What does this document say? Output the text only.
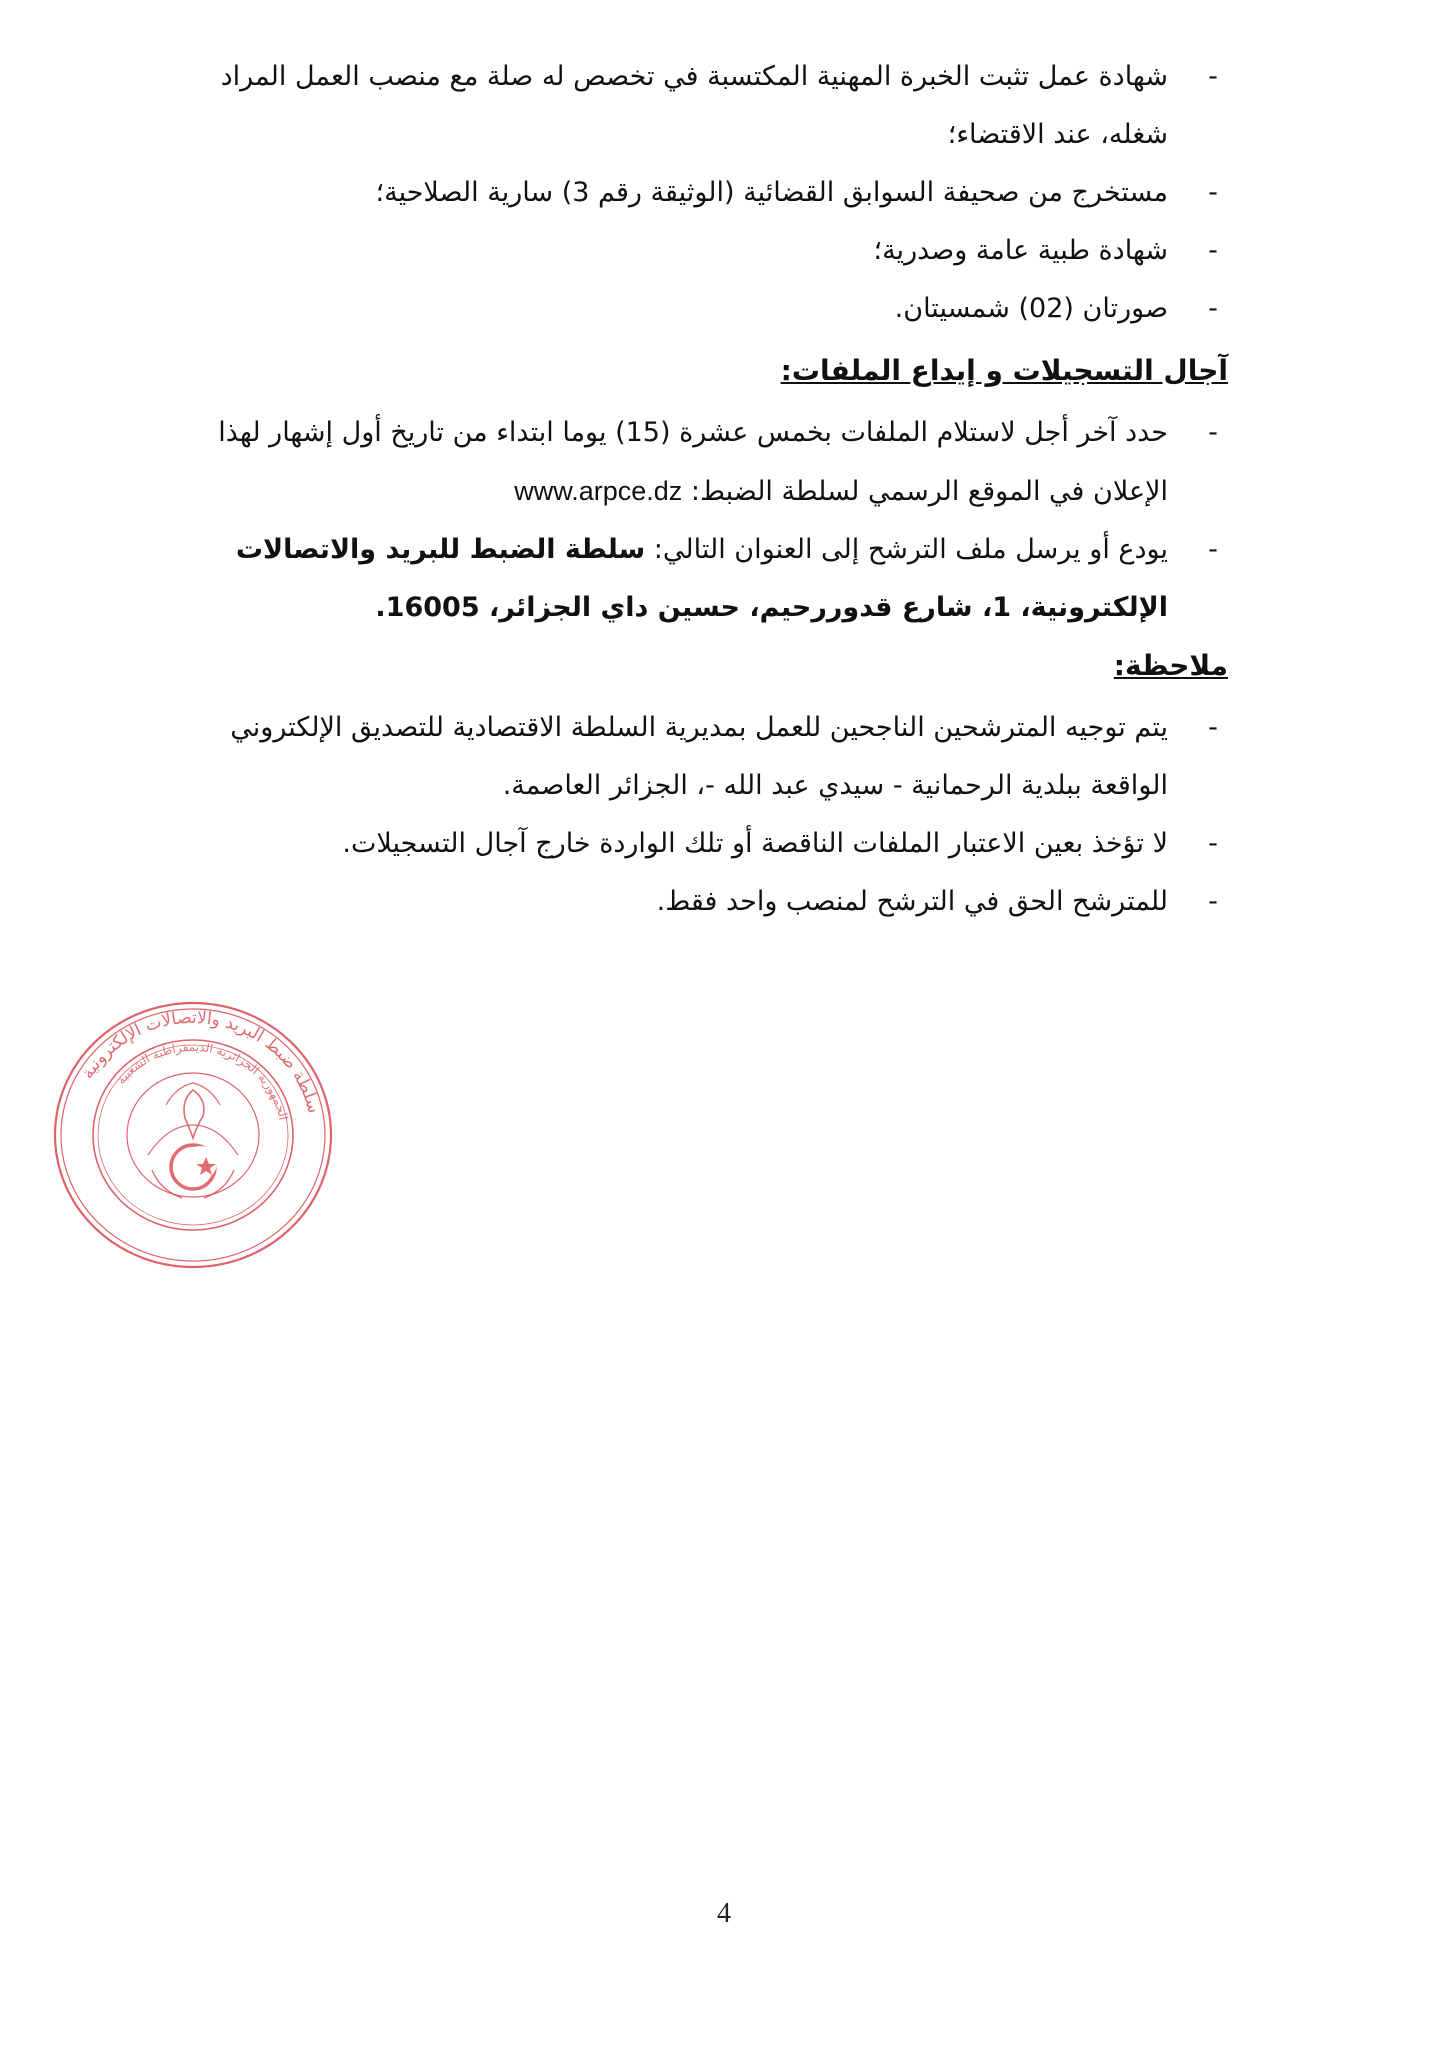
-
شهادة عمل تثبت الخبرة المهنية المكتسبة في تخصص له صلة مع منصب العمل المراد شغله، عند الاقتضاء؛

-
مستخرج من صحيفة السوابق القضائية (الوثيقة رقم 3) سارية الصلاحية؛

-
شهادة طبية عامة وصدرية؛

-
صورتان (02) شمسيتان.

آجال التسجيلات و إيداع الملفات:

-
حدد آخر أجل لاستلام الملفات بخمس عشرة (15) يوما ابتداء من تاريخ أول إشهار لهذا الإعلان في الموقع الرسمي لسلطة الضبط: www.arpce.dz

-
يودع أو يرسل ملف الترشح إلى العنوان التالي: سلطة الضبط للبريد والاتصالات الإلكترونية، 1، شارع قدوررحيم، حسين داي الجزائر، 16005.

ملاحظة:

-
يتم توجيه المترشحين الناجحين للعمل بمديرية السلطة الاقتصادية للتصديق الإلكتروني الواقعة ببلدية الرحمانية - سيدي عبد الله -، الجزائر العاصمة.

-
لا تؤخذ بعين الاعتبار الملفات الناقصة أو تلك الواردة خارج آجال التسجيلات.

-
للمترشح الحق في الترشح لمنصب واحد فقط.

سلطة ضبط البريد والاتصالات الإلكترونية
الجمهورية الجزائرية الديمقراطية الشعبية
4
